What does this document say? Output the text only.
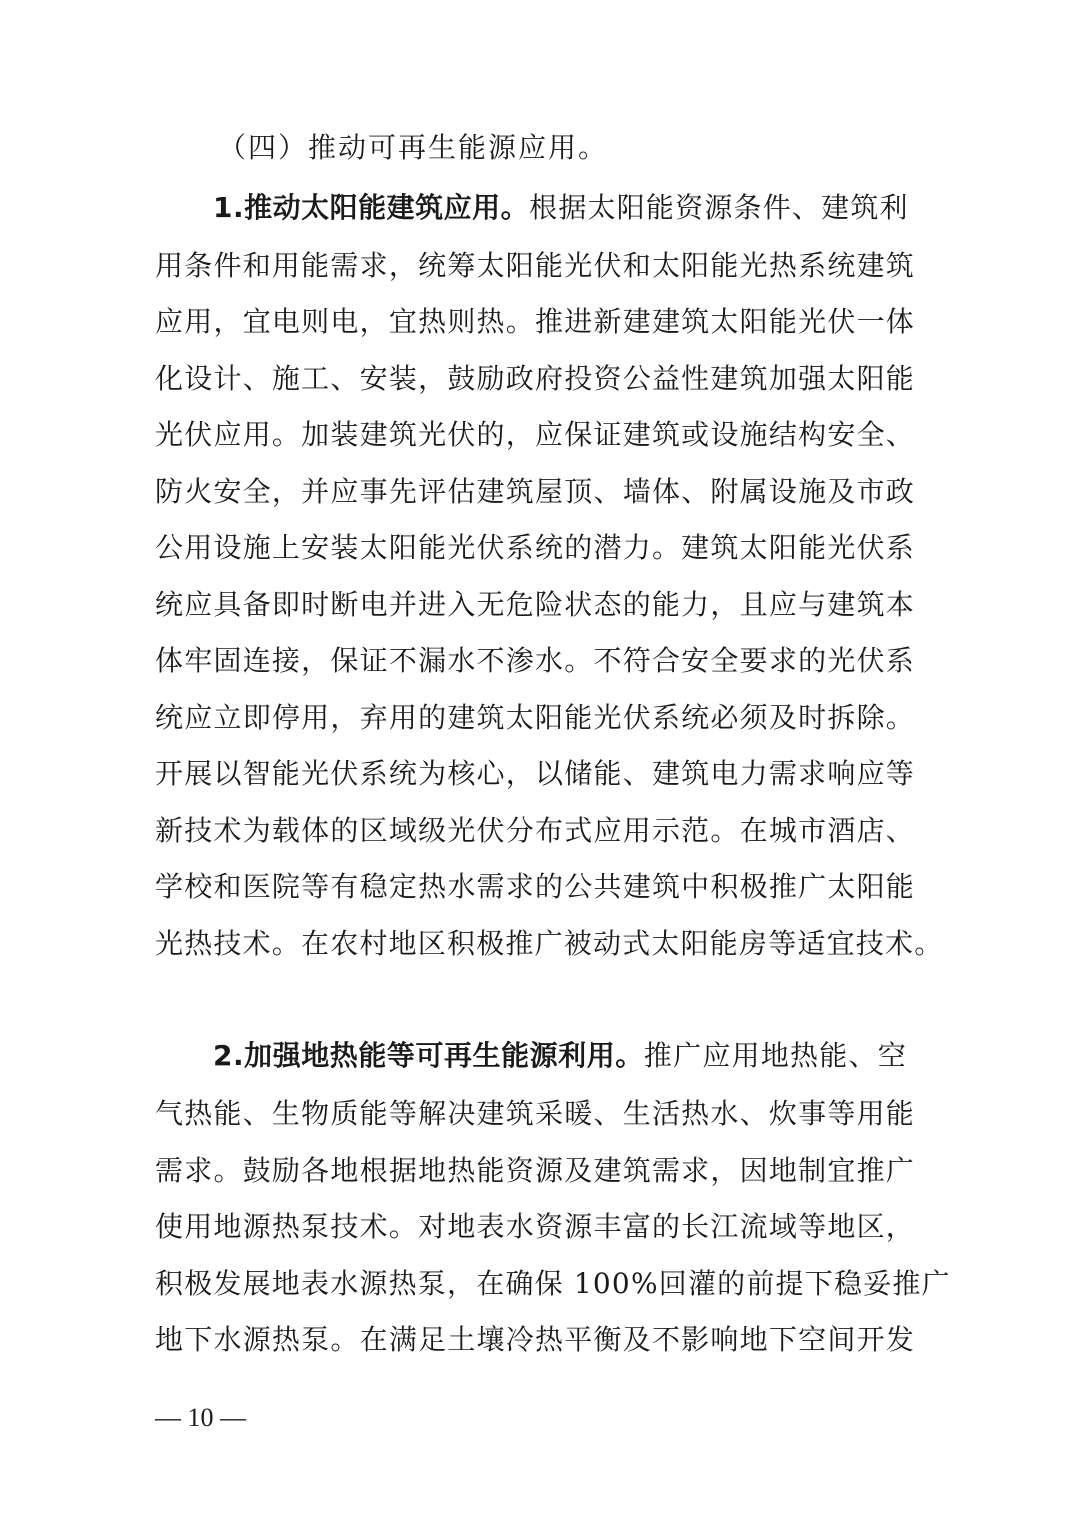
（四）推动可再生能源应用。
1.推动太阳能建筑应用。根据太阳能资源条件、建筑利
用条件和用能需求，统筹太阳能光伏和太阳能光热系统建筑
应用，宜电则电，宜热则热。推进新建建筑太阳能光伏一体
化设计、施工、安装，鼓励政府投资公益性建筑加强太阳能
光伏应用。加装建筑光伏的，应保证建筑或设施结构安全、
防火安全，并应事先评估建筑屋顶、墙体、附属设施及市政
公用设施上安装太阳能光伏系统的潜力。建筑太阳能光伏系
统应具备即时断电并进入无危险状态的能力，且应与建筑本
体牢固连接，保证不漏水不渗水。不符合安全要求的光伏系
统应立即停用，弃用的建筑太阳能光伏系统必须及时拆除。
开展以智能光伏系统为核心，以储能、建筑电力需求响应等
新技术为载体的区域级光伏分布式应用示范。在城市酒店、
学校和医院等有稳定热水需求的公共建筑中积极推广太阳能
光热技术。在农村地区积极推广被动式太阳能房等适宜技术。
2.加强地热能等可再生能源利用。推广应用地热能、空
气热能、生物质能等解决建筑采暖、生活热水、炊事等用能
需求。鼓励各地根据地热能资源及建筑需求，因地制宜推广
使用地源热泵技术。对地表水资源丰富的长江流域等地区，
积极发展地表水源热泵，在确保 100%回灌的前提下稳妥推广
地下水源热泵。在满足土壤冷热平衡及不影响地下空间开发
— 10 —
